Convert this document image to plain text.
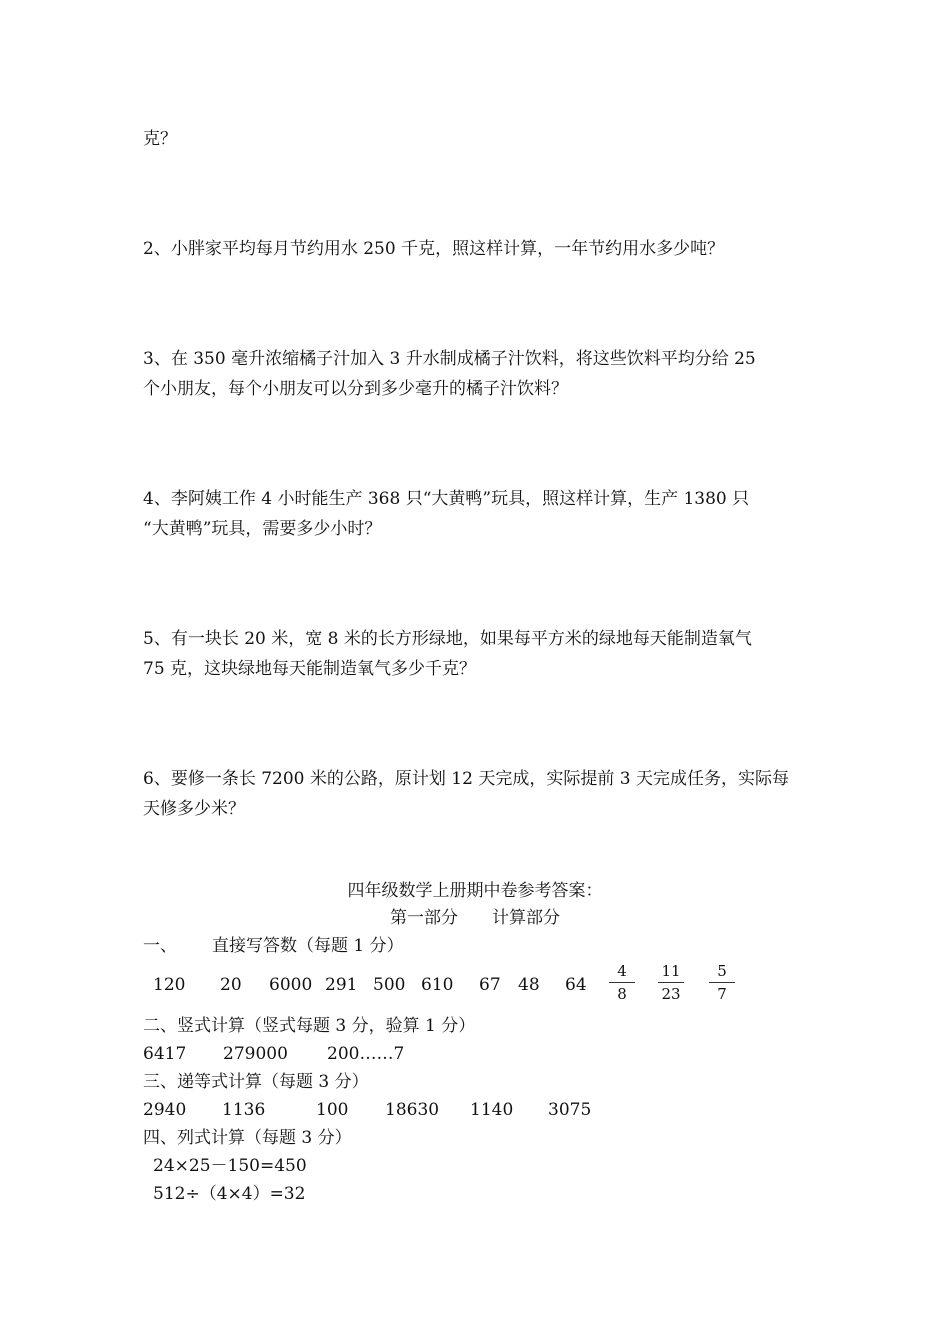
克？
2、小胖家平均每月节约用水 250 千克，照这样计算，一年节约用水多少吨？
3、在 350 毫升浓缩橘子汁加入 3 升水制成橘子汁饮料，将这些饮料平均分给 25
个小朋友，每个小朋友可以分到多少毫升的橘子汁饮料？
4、李阿姨工作 4 小时能生产 368 只“大黄鸭”玩具，照这样计算，生产 1380 只
“大黄鸭”玩具，需要多少小时？
5、有一块长 20 米，宽 8 米的长方形绿地，如果每平方米的绿地每天能制造氧气
75 克，这块绿地每天能制造氧气多少千克？
6、要修一条长 7200 米的公路，原计划 12 天完成，实际提前 3 天完成任务，实际每
天修多少米？
四年级数学上册期中卷参考答案：
第一部分 计算部分
一、 直接写答数（每题 1 分）
120 20 6000 291 500 610 67 48 64
4
8
11
23
5
7
二、竖式计算（竖式每题 3 分，验算 1 分）
6417 279000 200……7
三、递等式计算（每题 3 分）
2940 1136	100 18630 1140 3075
四、列式计算（每题 3 分）
24×25－150=450
512÷（4×4）=32
